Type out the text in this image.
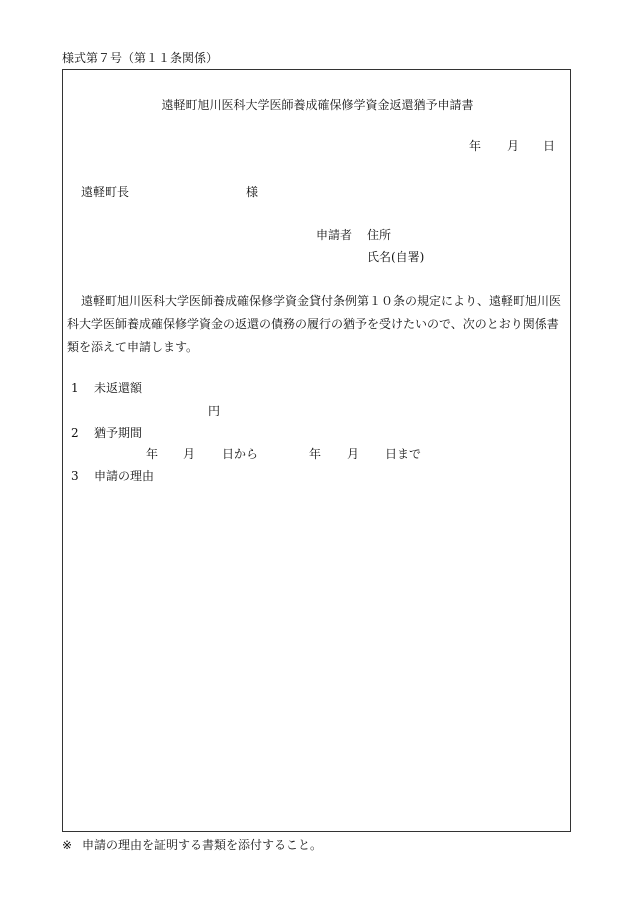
様式第７号（第１１条関係）
遠軽町旭川医科大学医師養成確保修学資金返還猶予申請書
年 月 日
遠軽町長	様
申請者 住所
氏名(自署)
遠軽町旭川医科大学医師養成確保修学資金貸付条例第１０条の規定により、遠軽町旭川医科大学医師養成確保修学資金の返還の債務の履行の猶予を受けたいので、次のとおり関係書類を添えて申請します。
1 未返還額
円
2 猶予期間
年 月 日から	年 月 日まで
3 申請の理由
※ 申請の理由を証明する書類を添付すること。
